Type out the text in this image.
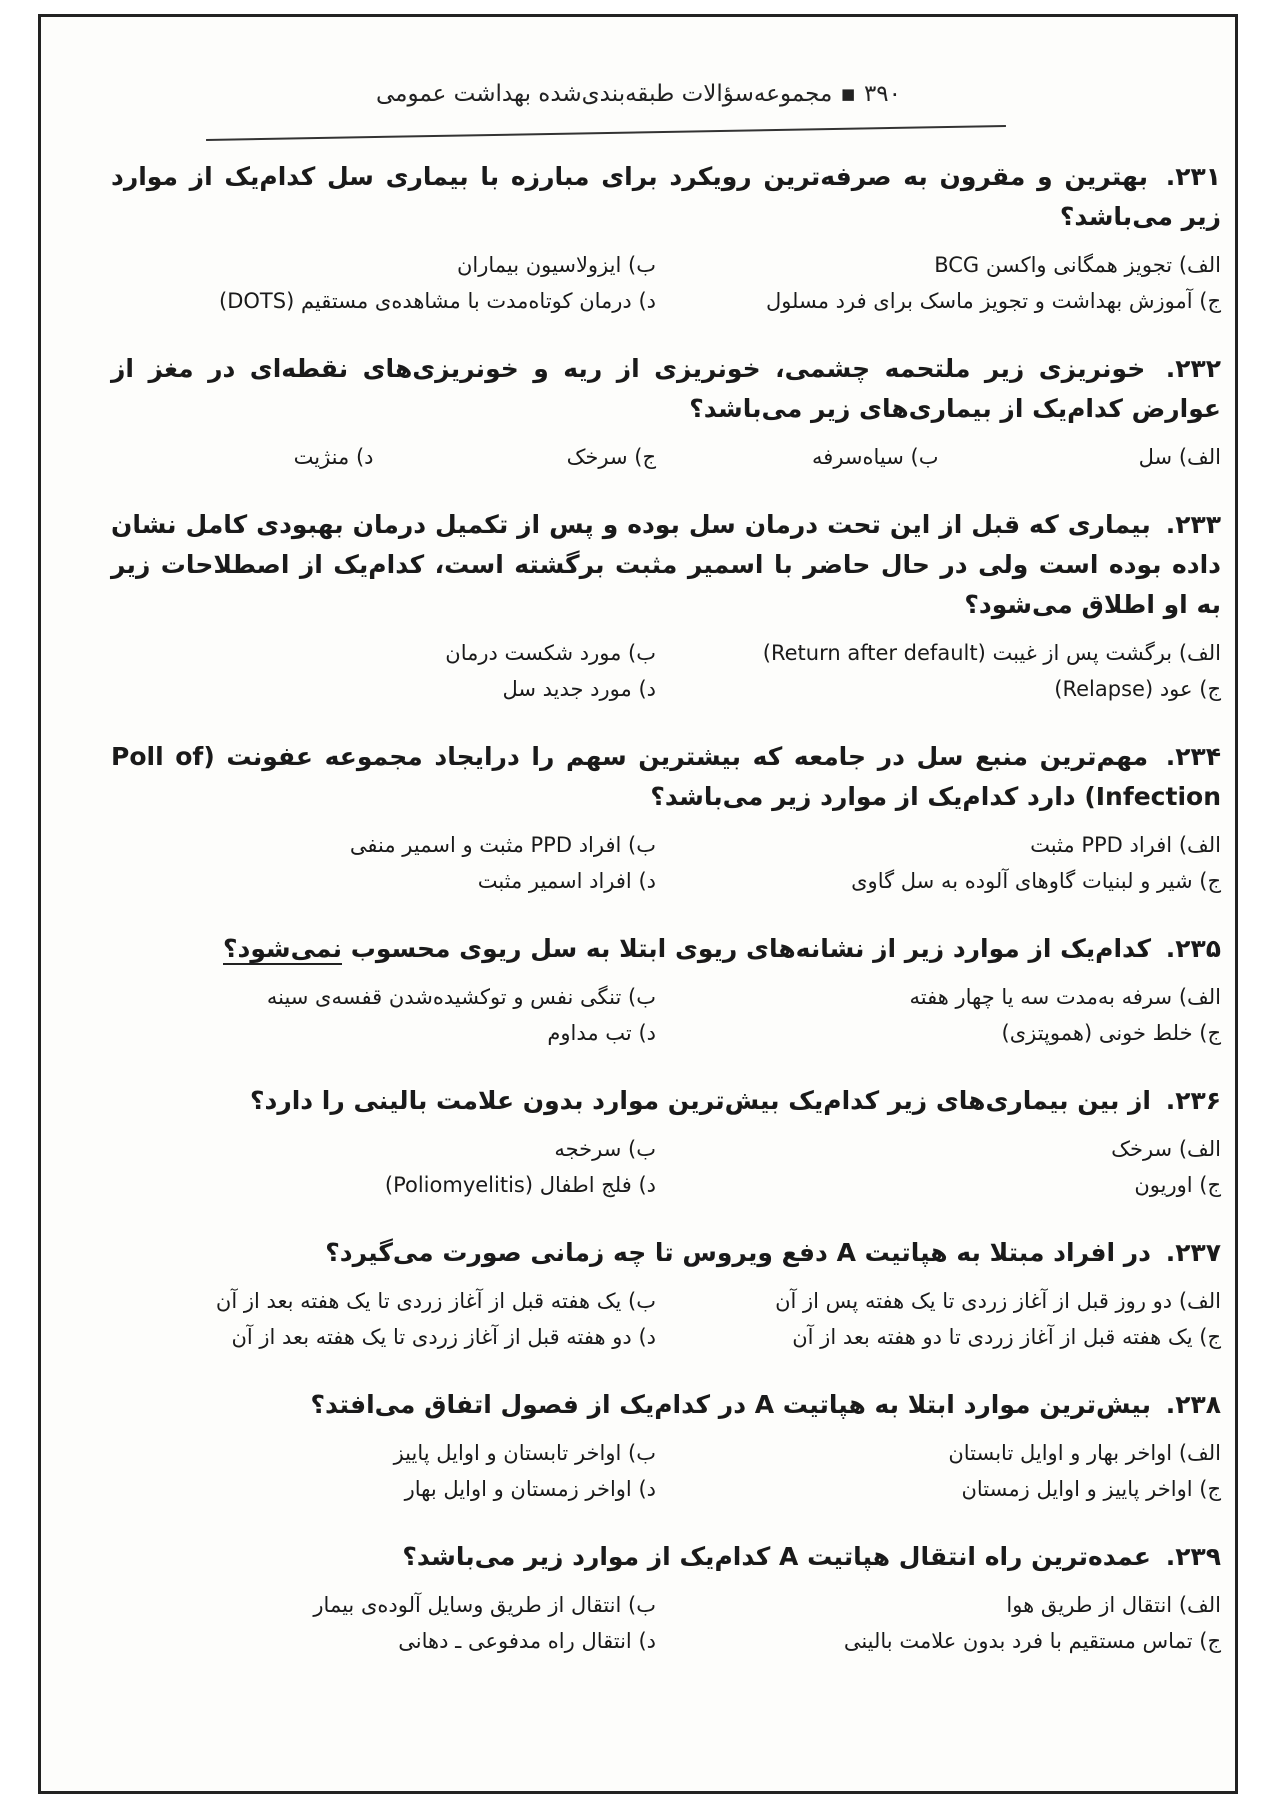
۳۹۰
▪
مجموعه‌سؤالات طبقه‌بندی‌شده بهداشت عمومی
۲۳۱. بهترین و مقرون به صرفه‌ترین رویکرد برای مبارزه با بیماری سل کدام‌یک از موارد زیر می‌باشد؟
الف) تجویز همگانی واکسن BCG
ب) ایزولاسیون بیماران
ج) آموزش بهداشت و تجویز ماسک برای فرد مسلول
د) درمان کوتاه‌مدت با مشاهده‌ی مستقیم (DOTS)
۲۳۲. خونریزی زیر ملتحمه چشمی، خونریزی از ریه و خونریزی‌های نقطه‌ای در مغز از عوارض کدام‌یک از بیماری‌های زیر می‌باشد؟
الف) سل
ب) سیاه‌سرفه
ج) سرخک
د) منژیت
۲۳۳. بیماری که قبل از این تحت درمان سل بوده و پس از تکمیل درمان بهبودی کامل نشان داده بوده است ولی در حال حاضر با اسمیر مثبت برگشته است، کدام‌یک از اصطلاحات زیر به او اطلاق می‌شود؟
الف) برگشت پس از غیبت (Return after default)
ب) مورد شکست درمان
ج) عود (Relapse)
د) مورد جدید سل
۲۳۴. مهم‌ترین منبع سل در جامعه که بیشترین سهم را درایجاد مجموعه عفونت (Poll of Infection) دارد کدام‌یک از موارد زیر می‌باشد؟
الف) افراد PPD مثبت
ب) افراد PPD مثبت و اسمیر منفی
ج) شیر و لبنیات گاوهای آلوده به سل گاوی
د) افراد اسمیر مثبت
۲۳۵. کدام‌یک از موارد زیر از نشانه‌های ریوی ابتلا به سل ریوی محسوب نمی‌شود؟
الف) سرفه به‌مدت سه یا چهار هفته
ب) تنگی نفس و توکشیده‌شدن قفسه‌ی سینه
ج) خلط خونی (هموپتزی)
د) تب مداوم
۲۳۶. از بین بیماری‌های زیر کدام‌یک بیش‌ترین موارد بدون علامت بالینی را دارد؟
الف) سرخک
ب) سرخجه
ج) اوریون
د) فلج اطفال (Poliomyelitis)
۲۳۷. در افراد مبتلا به هپاتیت A دفع ویروس تا چه زمانی صورت می‌گیرد؟
الف) دو روز قبل از آغاز زردی تا یک هفته پس از آن
ب) یک هفته قبل از آغاز زردی تا یک هفته بعد از آن
ج) یک هفته قبل از آغاز زردی تا دو هفته بعد از آن
د) دو هفته قبل از آغاز زردی تا یک هفته بعد از آن
۲۳۸. بیش‌ترین موارد ابتلا به هپاتیت A در کدام‌یک از فصول اتفاق می‌افتد؟
الف) اواخر بهار و اوایل تابستان
ب) اواخر تابستان و اوایل پاییز
ج) اواخر پاییز و اوایل زمستان
د) اواخر زمستان و اوایل بهار
۲۳۹. عمده‌ترین راه انتقال هپاتیت A کدام‌یک از موارد زیر می‌باشد؟
الف) انتقال از طریق هوا
ب) انتقال از طریق وسایل آلوده‌ی بیمار
ج) تماس مستقیم با فرد بدون علامت بالینی
د) انتقال راه مدفوعی ـ دهانی
